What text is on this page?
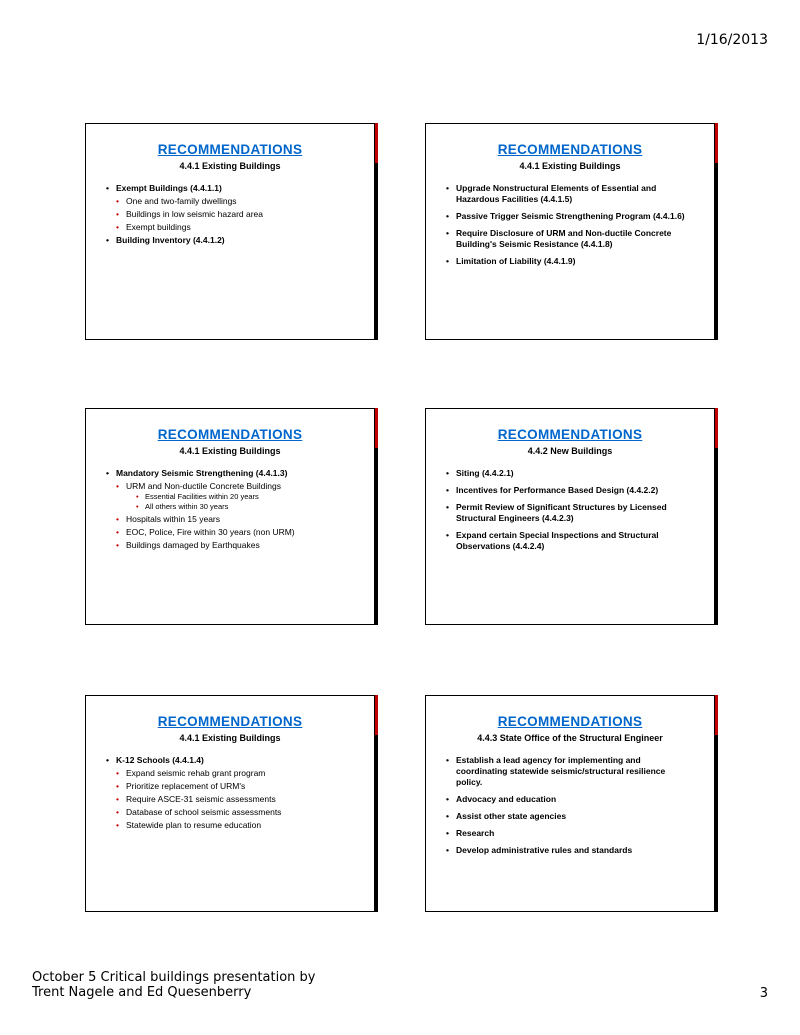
1/16/2013
RECOMMENDATIONS
4.4.1 Existing Buildings
• Exempt Buildings (4.4.1.1)
• One and two-family dwellings
• Buildings in low seismic hazard area
• Exempt buildings
• Building Inventory (4.4.1.2)
RECOMMENDATIONS
4.4.1 Existing Buildings
• Upgrade Nonstructural Elements of Essential and Hazardous Facilities (4.4.1.5)
• Passive Trigger Seismic Strengthening Program (4.4.1.6)
• Require Disclosure of URM and Non-ductile Concrete Building's Seismic Resistance (4.4.1.8)
• Limitation of Liability (4.4.1.9)
RECOMMENDATIONS
4.4.1 Existing Buildings
• Mandatory Seismic Strengthening (4.4.1.3)
• URM and Non-ductile Concrete Buildings
• Essential Facilities within 20 years
• All others within 30 years
• Hospitals within 15 years
• EOC, Police, Fire within 30 years (non URM)
• Buildings damaged by Earthquakes
RECOMMENDATIONS
4.4.2 New Buildings
• Siting (4.4.2.1)
• Incentives for Performance Based Design (4.4.2.2)
• Permit Review of Significant Structures by Licensed Structural Engineers (4.4.2.3)
• Expand certain Special Inspections and Structural Observations (4.4.2.4)
RECOMMENDATIONS
4.4.1 Existing Buildings
• K-12 Schools (4.4.1.4)
• Expand seismic rehab grant program
• Prioritize replacement of URM's
• Require ASCE-31 seismic assessments
• Database of school seismic assessments
• Statewide plan to resume education
RECOMMENDATIONS
4.4.3 State Office of the Structural Engineer
• Establish a lead agency for implementing and coordinating statewide seismic/structural resilience policy.
• Advocacy and education
• Assist other state agencies
• Research
• Develop administrative rules and standards
October 5 Critical buildings presentation by
Trent Nagele and Ed Quesenberry	3
